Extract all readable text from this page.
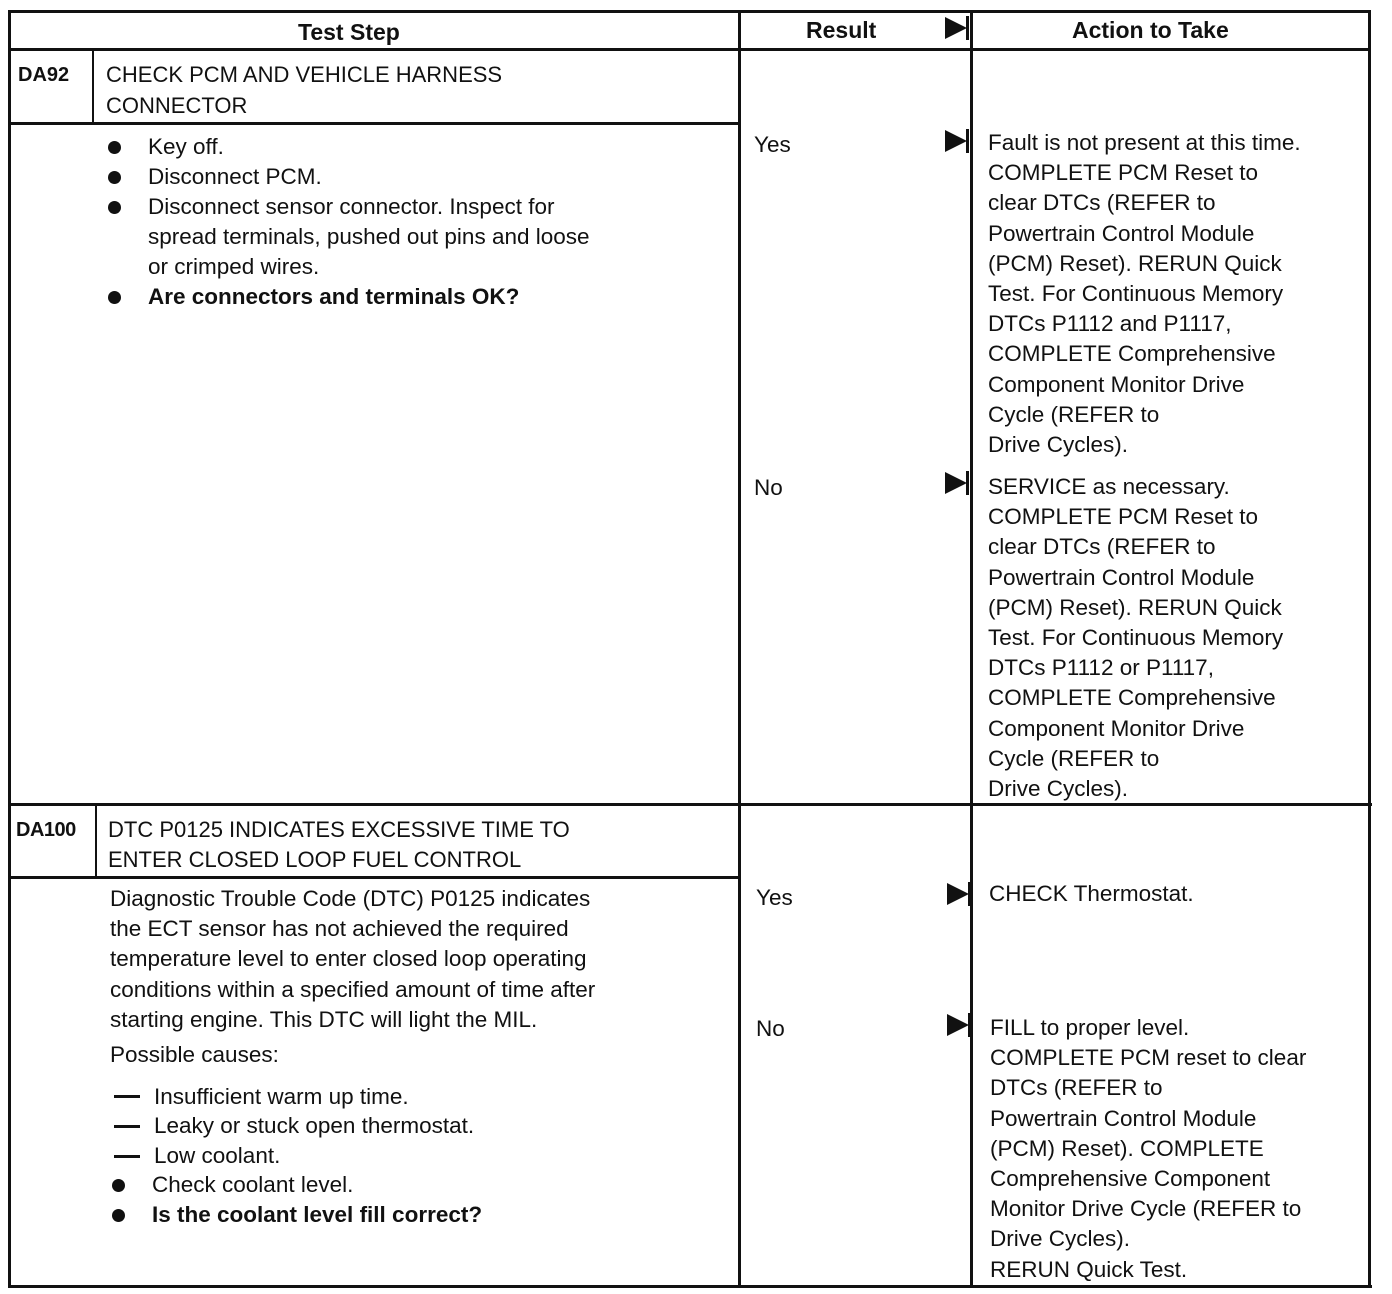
Test Step	Result	Action to Take
DA92 CHECK PCM AND VEHICLE HARNESS
CONNECTOR
Key off.
Disconnect PCM.
Disconnect sensor connector. Inspect for
spread terminals, pushed out pins and loose
or crimped wires.
Are connectors and terminals OK?
Yes	Fault is not present at this time.
COMPLETE PCM Reset to
clear DTCs (REFER to
Powertrain Control Module
(PCM) Reset). RERUN Quick
Test. For Continuous Memory
DTCs P1112 and P1117,
COMPLETE Comprehensive
Component Monitor Drive
Cycle (REFER to
Drive Cycles).
No	SERVICE as necessary.
COMPLETE PCM Reset to
clear DTCs (REFER to
Powertrain Control Module
(PCM) Reset). RERUN Quick
Test. For Continuous Memory
DTCs P1112 or P1117,
COMPLETE Comprehensive
Component Monitor Drive
Cycle (REFER to
Drive Cycles).
DA100 DTC P0125 INDICATES EXCESSIVE TIME TO
ENTER CLOSED LOOP FUEL CONTROL
Diagnostic Trouble Code (DTC) P0125 indicates
the ECT sensor has not achieved the required
temperature level to enter closed loop operating
conditions within a specified amount of time after
starting engine. This DTC will light the MIL.
Possible causes:
Insufficient warm up time.
Leaky or stuck open thermostat.
Low coolant.
Check coolant level.
Is the coolant level fill correct?
Yes	CHECK Thermostat.
No	FILL to proper level.
COMPLETE PCM reset to clear
DTCs (REFER to
Powertrain Control Module
(PCM) Reset). COMPLETE
Comprehensive Component
Monitor Drive Cycle (REFER to
Drive Cycles).
RERUN Quick Test.
